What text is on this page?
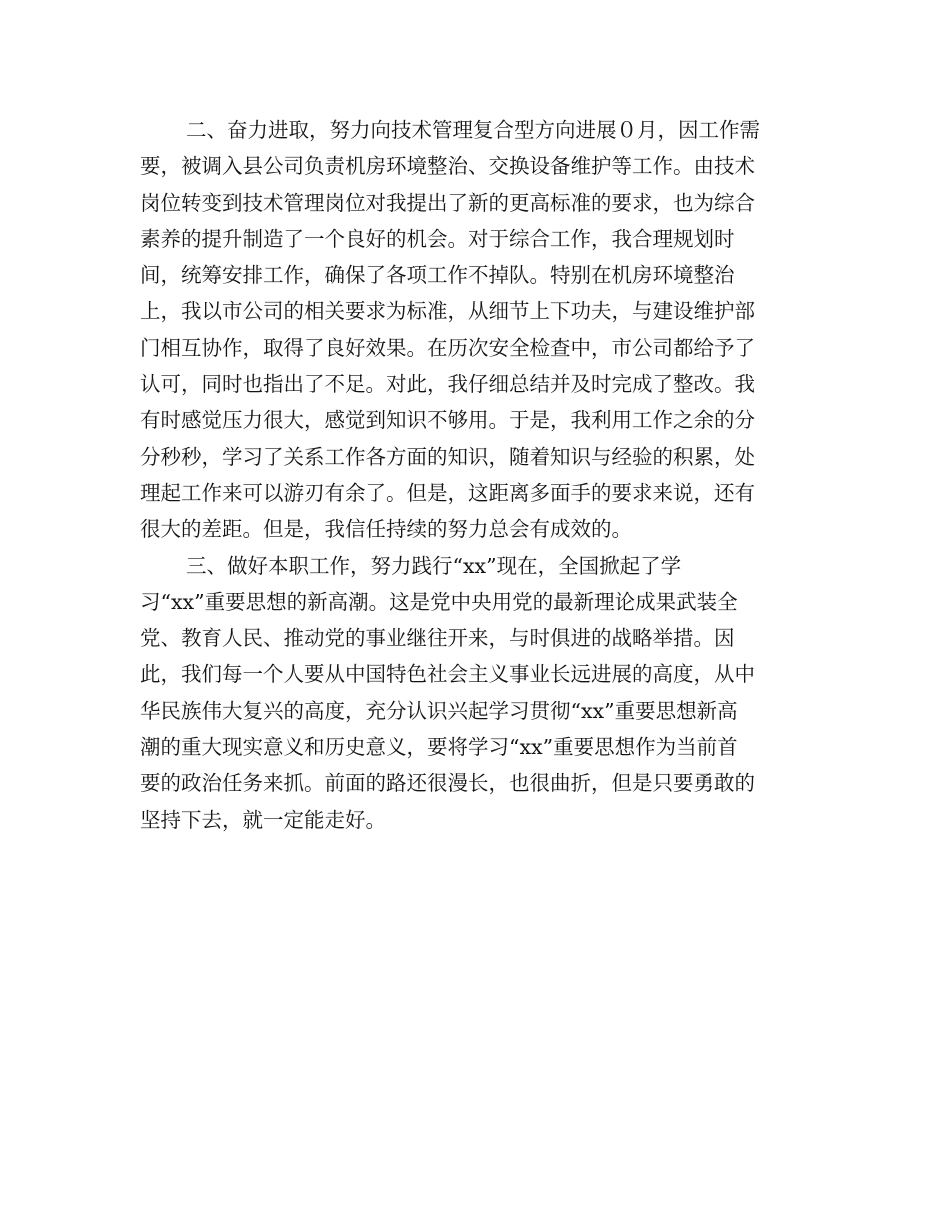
二、奋力进取，努力向技术管理复合型方向进展０月，因工作需
要，被调入县公司负责机房环境整治、交换设备维护等工作。由技术
岗位转变到技术管理岗位对我提出了新的更高标准的要求，也为综合
素养的提升制造了一个良好的机会。对于综合工作，我合理规划时
间，统筹安排工作，确保了各项工作不掉队。特别在机房环境整治
上，我以市公司的相关要求为标准，从细节上下功夫，与建设维护部
门相互协作，取得了良好效果。在历次安全检查中，市公司都给予了
认可，同时也指出了不足。对此，我仔细总结并及时完成了整改。我
有时感觉压力很大，感觉到知识不够用。于是，我利用工作之余的分
分秒秒，学习了关系工作各方面的知识，随着知识与经验的积累，处
理起工作来可以游刃有余了。但是，这距离多面手的要求来说，还有
很大的差距。但是，我信任持续的努力总会有成效的。
三、做好本职工作，努力践行“xx”现在，全国掀起了学
习“xx”重要思想的新高潮。这是党中央用党的最新理论成果武装全
党、教育人民、推动党的事业继往开来，与时俱进的战略举措。因
此，我们每一个人要从中国特色社会主义事业长远进展的高度，从中
华民族伟大复兴的高度，充分认识兴起学习贯彻“xx”重要思想新高
潮的重大现实意义和历史意义，要将学习“xx”重要思想作为当前首
要的政治任务来抓。前面的路还很漫长，也很曲折，但是只要勇敢的
坚持下去，就一定能走好。
